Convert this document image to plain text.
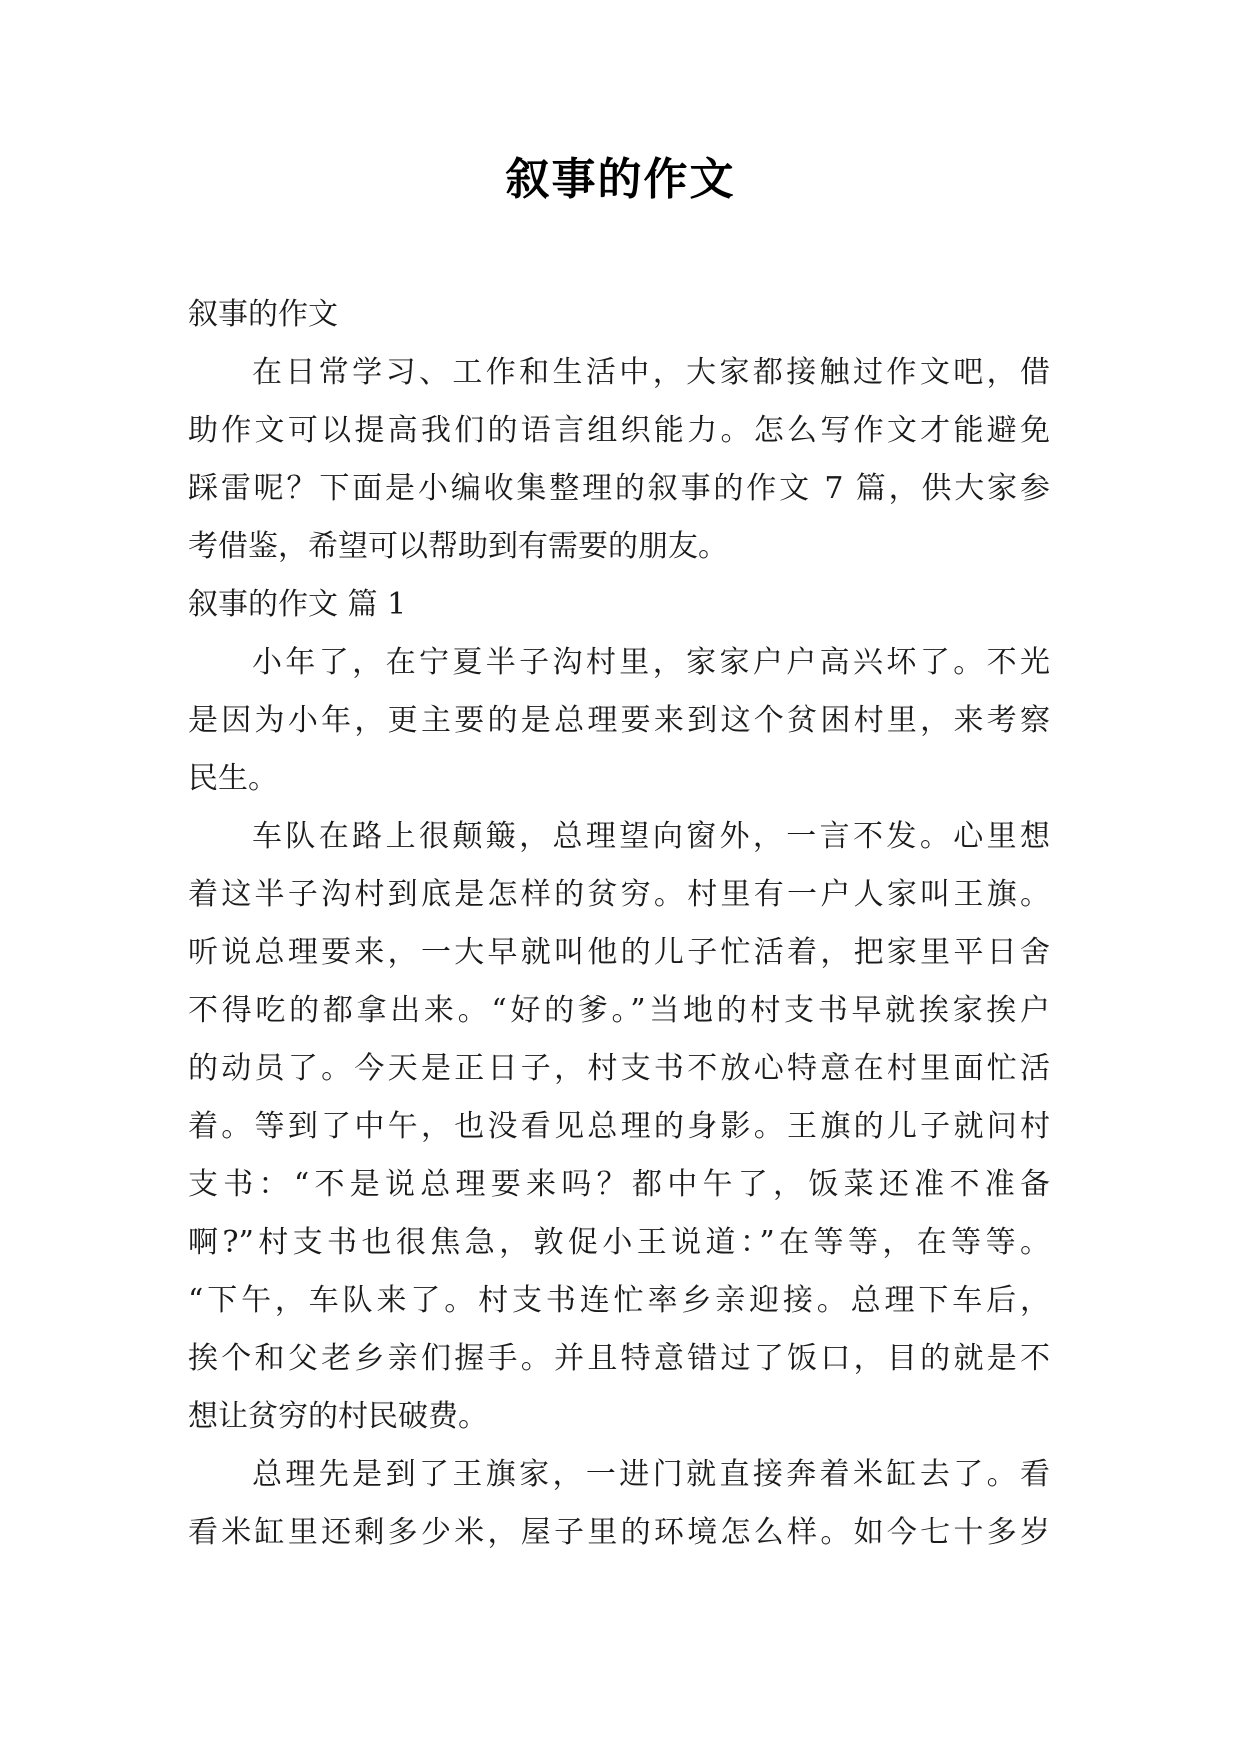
叙事的作文
叙事的作文
在日常学习、工作和生活中，大家都接触过作文吧，借
助作文可以提高我们的语言组织能力。怎么写作文才能避免
踩雷呢？下面是小编收集整理的叙事的作文 7 篇，供大家参
考借鉴，希望可以帮助到有需要的朋友。
叙事的作文 篇 1
小年了，在宁夏半子沟村里，家家户户高兴坏了。不光
是因为小年，更主要的是总理要来到这个贫困村里，来考察
民生。
车队在路上很颠簸，总理望向窗外，一言不发。心里想
着这半子沟村到底是怎样的贫穷。村里有一户人家叫王旗。
听说总理要来，一大早就叫他的儿子忙活着，把家里平日舍
不得吃的都拿出来。“好的爹。”当地的村支书早就挨家挨户
的动员了。今天是正日子，村支书不放心特意在村里面忙活
着。等到了中午，也没看见总理的身影。王旗的儿子就问村
支书：“不是说总理要来吗？都中午了，饭菜还准不准备
啊?”村支书也很焦急，敦促小王说道：”在等等，在等等。
“下午，车队来了。村支书连忙率乡亲迎接。总理下车后，
挨个和父老乡亲们握手。并且特意错过了饭口，目的就是不
想让贫穷的村民破费。
总理先是到了王旗家，一进门就直接奔着米缸去了。看
看米缸里还剩多少米，屋子里的环境怎么样。如今七十多岁
